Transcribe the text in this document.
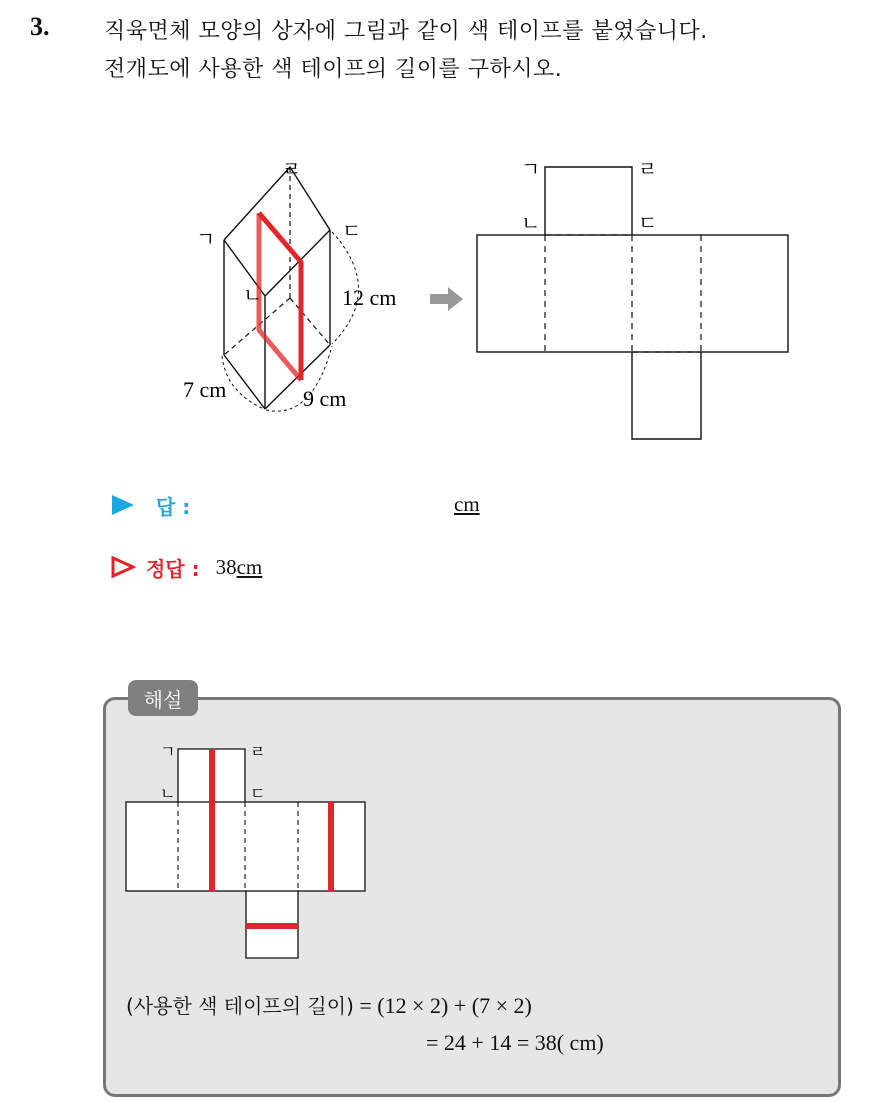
3. 직육면체 모양의 상자에 그림과 같이 색 테이프를 붙였습니다.
전개도에 사용한 색 테이프의 길이를 구하시오.
ㄹ
ㄱ	ㄷ
ㄴ	12 cm
7 cm	9 cm
ㄱ	ㄹ
ㄴ	ㄷ
답 :	cm
정답 : 38 cm
해설
ㄱ	ㄹ
ㄴ	ㄷ
(사용한 색 테이프의 길이) = (12 × 2) + (7 × 2)
= 24 + 14 = 38( cm)
